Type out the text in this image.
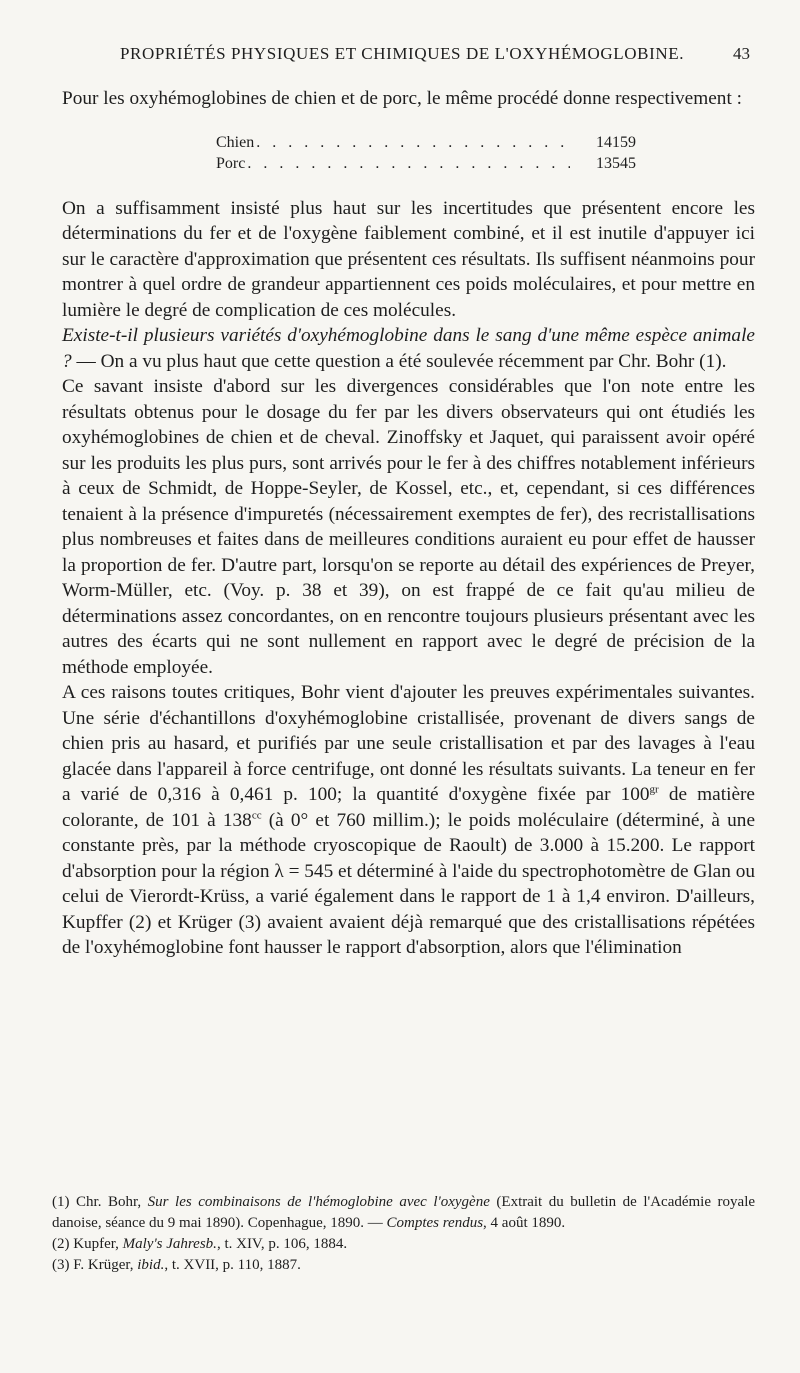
PROPRIÉTÉS PHYSIQUES ET CHIMIQUES DE L'OXYHÉMOGLOBINE.	43

Pour les oxyhémoglobines de chien et de porc, le même procédé donne respectivement :

Chien . . .	14159
Porc . . .	13545

On a suffisamment insisté plus haut sur les incertitudes que présentent encore les déterminations du fer et de l'oxygène faiblement combiné, et il est inutile d'appuyer ici sur le caractère d'approximation que présentent ces résultats. Ils suffisent néanmoins pour montrer à quel ordre de grandeur appartiennent ces poids moléculaires, et pour mettre en lumière le degré de complication de ces molécules.

Existe-t-il plusieurs variétés d'oxyhémoglobine dans le sang d'une même espèce animale ? — On a vu plus haut que cette question a été soulevée récemment par Chr. Bohr (1).

Ce savant insiste d'abord sur les divergences considérables que l'on note entre les résultats obtenus pour le dosage du fer par les divers observateurs qui ont étudiés les oxyhémoglobines de chien et de cheval. Zinoffsky et Jaquet, qui paraissent avoir opéré sur les produits les plus purs, sont arrivés pour le fer à des chiffres notablement inférieurs à ceux de Schmidt, de Hoppe-Seyler, de Kossel, etc., et, cependant, si ces différences tenaient à la présence d'impuretés (nécessairement exemptes de fer), des recristallisations plus nombreuses et faites dans de meilleures conditions auraient eu pour effet de hausser la proportion de fer. D'autre part, lorsqu'on se reporte au détail des expériences de Preyer, Worm-Müller, etc. (Voy. p. 38 et 39), on est frappé de ce fait qu'au milieu de déterminations assez concordantes, on en rencontre toujours plusieurs présentant avec les autres des écarts qui ne sont nullement en rapport avec le degré de précision de la méthode employée.

A ces raisons toutes critiques, Bohr vient d'ajouter les preuves expérimentales suivantes. Une série d'échantillons d'oxyhémoglobine cristallisée, provenant de divers sangs de chien pris au hasard, et purifiés par une seule cristallisation et par des lavages à l'eau glacée dans l'appareil à force centrifuge, ont donné les résultats suivants. La teneur en fer a varié de 0,316 à 0,461 p. 100; la quantité d'oxygène fixée par $100^{gr}$ de matière colorante, de 101 à $138^{cc}$ (à 0° et 760 millim.); le poids moléculaire (déterminé, à une constante près, par la méthode cryoscopique de Raoult) de 3.000 à 15.200. Le rapport d'absorption pour la région λ = 545 et déterminé à l'aide du spectrophotomètre de Glan ou celui de Vierordt-Krüss, a varié également dans le rapport de 1 à 1,4 environ. D'ailleurs, Kupffer (2) et Krüger (3) avaient avaient déjà remarqué que des cristallisations répétées de l'oxyhémoglobine font hausser le rapport d'absorption, alors que l'élimination

(1) Chr. Bohr, Sur les combinaisons de l'hémoglobine avec l'oxygène (Extrait du bulletin de l'Académie royale danoise, séance du 9 mai 1890). Copenhague, 1890. — Comptes rendus, 4 août 1890.

(2) Kupfer, Maly's Jahresb., t. XIV, p. 106, 1884.

(3) F. Krüger, ibid., t. XVII, p. 110, 1887.
